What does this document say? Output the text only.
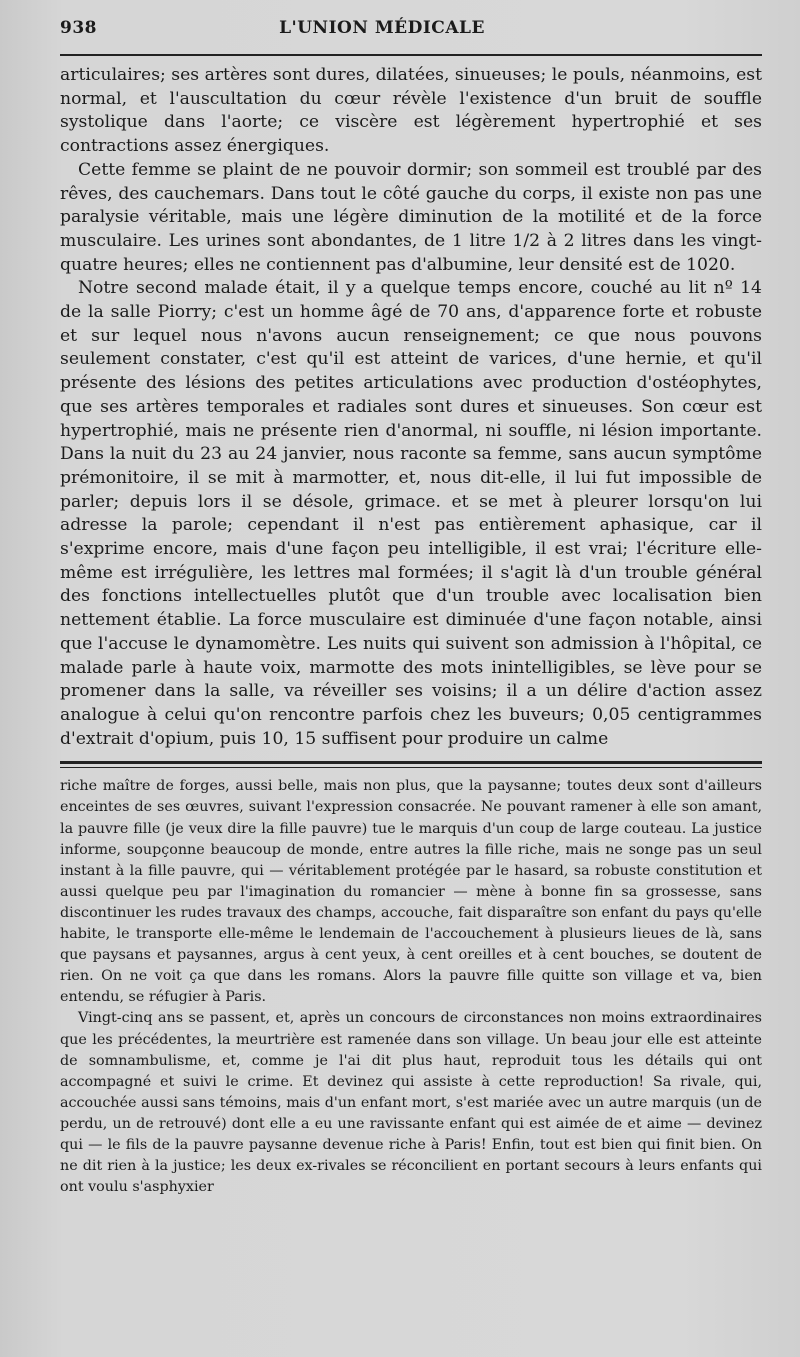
938	L'UNION MÉDICALE

articulaires; ses artères sont dures, dilatées, sinueuses; le pouls, néanmoins, est normal, et l'auscultation du cœur révèle l'existence d'un bruit de souffle systolique dans l'aorte; ce viscère est légèrement hypertrophié et ses contractions assez énergiques.

Cette femme se plaint de ne pouvoir dormir; son sommeil est troublé par des rêves, des cauchemars. Dans tout le côté gauche du corps, il existe non pas une paralysie véritable, mais une légère diminution de la motilité et de la force musculaire. Les urines sont abondantes, de 1 litre 1/2 à 2 litres dans les vingt-quatre heures; elles ne contiennent pas d'albumine, leur densité est de 1020.

Notre second malade était, il y a quelque temps encore, couché au lit nº 14 de la salle Piorry; c'est un homme âgé de 70 ans, d'apparence forte et robuste et sur lequel nous n'avons aucun renseignement; ce que nous pouvons seulement constater, c'est qu'il est atteint de varices, d'une hernie, et qu'il présente des lésions des petites articulations avec production d'ostéophytes, que ses artères temporales et radiales sont dures et sinueuses. Son cœur est hypertrophié, mais ne présente rien d'anormal, ni souffle, ni lésion importante. Dans la nuit du 23 au 24 janvier, nous raconte sa femme, sans aucun symptôme prémonitoire, il se mit à marmotter, et, nous dit-elle, il lui fut impossible de parler; depuis lors il se désole, grimace. et se met à pleurer lorsqu'on lui adresse la parole; cependant il n'est pas entièrement aphasique, car il s'exprime encore, mais d'une façon peu intelligible, il est vrai; l'écriture elle-même est irrégulière, les lettres mal formées; il s'agit là d'un trouble général des fonctions intellectuelles plutôt que d'un trouble avec localisation bien nettement établie. La force musculaire est diminuée d'une façon notable, ainsi que l'accuse le dynamomètre. Les nuits qui suivent son admission à l'hôpital, ce malade parle à haute voix, marmotte des mots inintelligibles, se lève pour se promener dans la salle, va réveiller ses voisins; il a un délire d'action assez analogue à celui qu'on rencontre parfois chez les buveurs; 0,05 centigrammes d'extrait d'opium, puis 10, 15 suffisent pour produire un calme

riche maître de forges, aussi belle, mais non plus, que la paysanne; toutes deux sont d'ailleurs enceintes de ses œuvres, suivant l'expression consacrée. Ne pouvant ramener à elle son amant, la pauvre fille (je veux dire la fille pauvre) tue le marquis d'un coup de large couteau. La justice informe, soupçonne beaucoup de monde, entre autres la fille riche, mais ne songe pas un seul instant à la fille pauvre, qui — véritablement protégée par le hasard, sa robuste constitution et aussi quelque peu par l'imagination du romancier — mène à bonne fin sa grossesse, sans discontinuer les rudes travaux des champs, accouche, fait disparaître son enfant du pays qu'elle habite, le transporte elle-même le lendemain de l'accouchement à plusieurs lieues de là, sans que paysans et paysannes, argus à cent yeux, à cent oreilles et à cent bouches, se doutent de rien. On ne voit ça que dans les romans. Alors la pauvre fille quitte son village et va, bien entendu, se réfugier à Paris.

Vingt-cinq ans se passent, et, après un concours de circonstances non moins extraordinaires que les précédentes, la meurtrière est ramenée dans son village. Un beau jour elle est atteinte de somnambulisme, et, comme je l'ai dit plus haut, reproduit tous les détails qui ont accompagné et suivi le crime. Et devinez qui assiste à cette reproduction! Sa rivale, qui, accouchée aussi sans témoins, mais d'un enfant mort, s'est mariée avec un autre marquis (un de perdu, un de retrouvé) dont elle a eu une ravissante enfant qui est aimée de et aime — devinez qui — le fils de la pauvre paysanne devenue riche à Paris! Enfin, tout est bien qui finit bien. On ne dit rien à la justice; les deux ex-rivales se réconcilient en portant secours à leurs enfants qui ont voulu s'asphyxier
